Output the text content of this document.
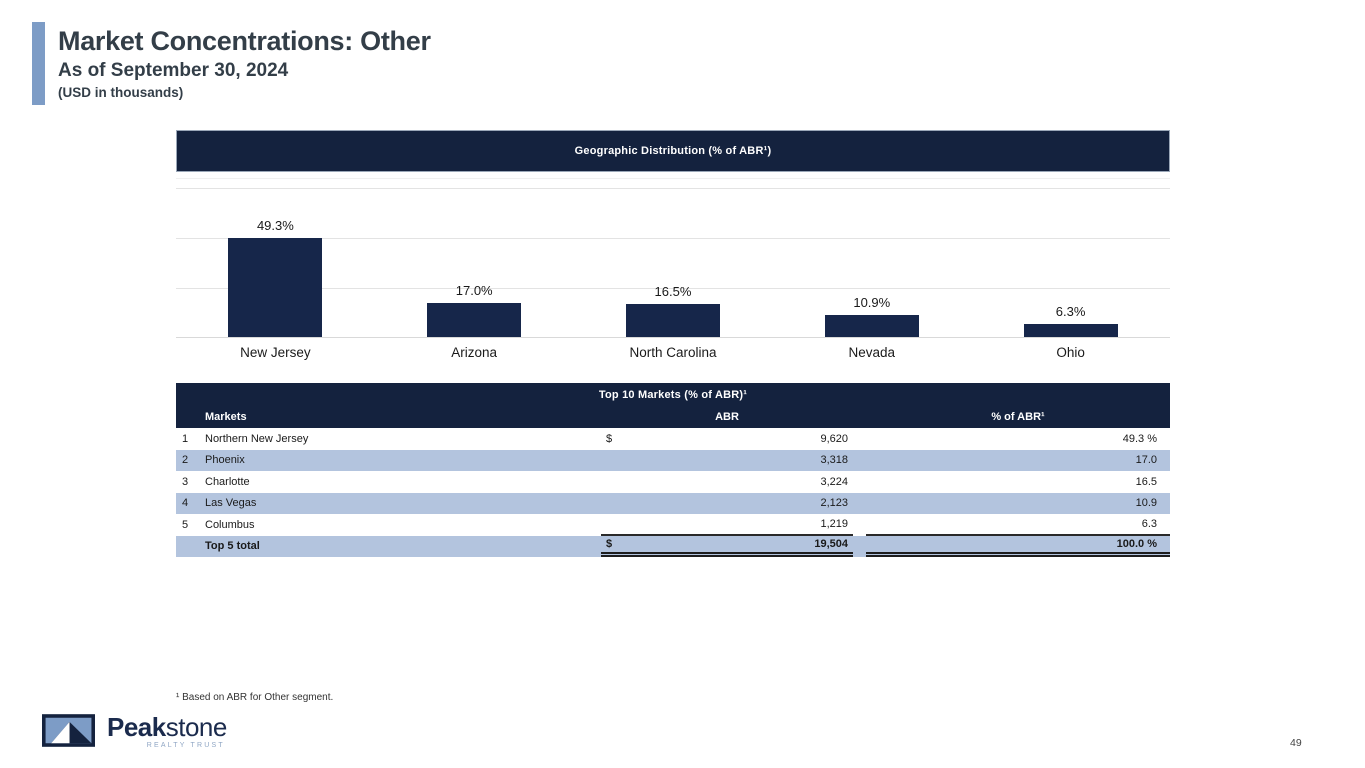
Market Concentrations: Other
As of September 30, 2024
(USD in thousands)
Geographic Distribution (% of ABR¹)
49.3%
17.0%	16.5%
10.9%
6.3%
New Jersey	Arizona	North Carolina	Nevada	Ohio
Top 10 Markets (% of ABR)¹
Markets	ABR	% of ABR¹
1	Northern New Jersey	$	9,620	49.3 %
2	Phoenix	3,318	17.0
3	Charlotte	3,224	16.5
4	Las Vegas	2,123	10.9
5	Columbus	1,219	6.3
Top 5 total	$	19,504	100.0 %
¹ Based on ABR for Other segment.
Peakstone
REALTY TRUST	49
